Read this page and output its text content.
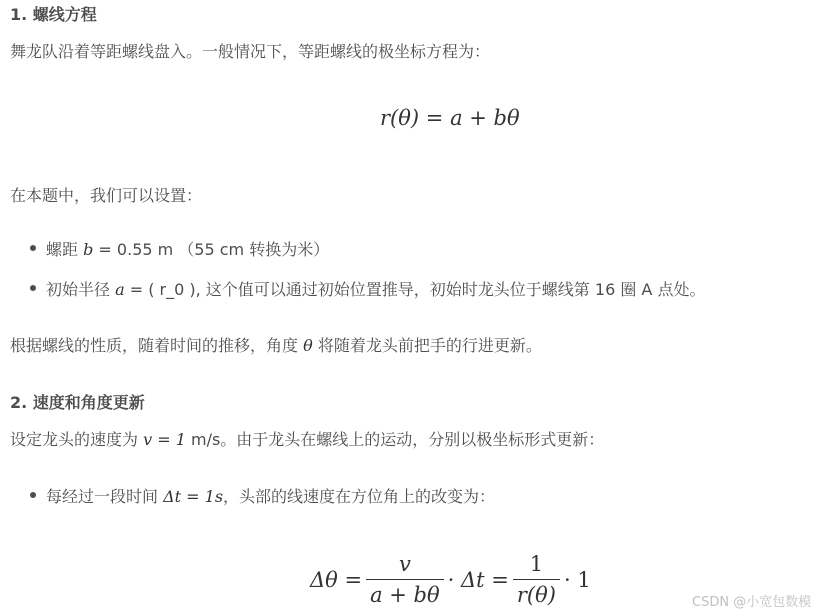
1. 螺线方程

舞龙队沿着等距螺线盘入。一般情况下，等距螺线的极坐标方程为：

r(θ) = a + bθ

在本题中，我们可以设置：

螺距 b = 0.55 m （55 cm 转换为米）

初始半径 a = ( r_0 ), 这个值可以通过初始位置推导，初始时龙头位于螺线第 16 圈 A 点处。

根据螺线的性质，随着时间的推移，角度 θ 将随着龙头前把手的行进更新。

2. 速度和角度更新

设定龙头的速度为 v = 1 m/s。由于龙头在螺线上的运动，分别以极坐标形式更新：

每经过一段时间 Δt = 1s，头部的线速度在方位角上的改变为：

$\Delta\theta = \frac{v}{a + b\theta} \cdot \Delta t = \frac{1}{r(\theta)} \cdot 1$
CSDN @小宽包数模
